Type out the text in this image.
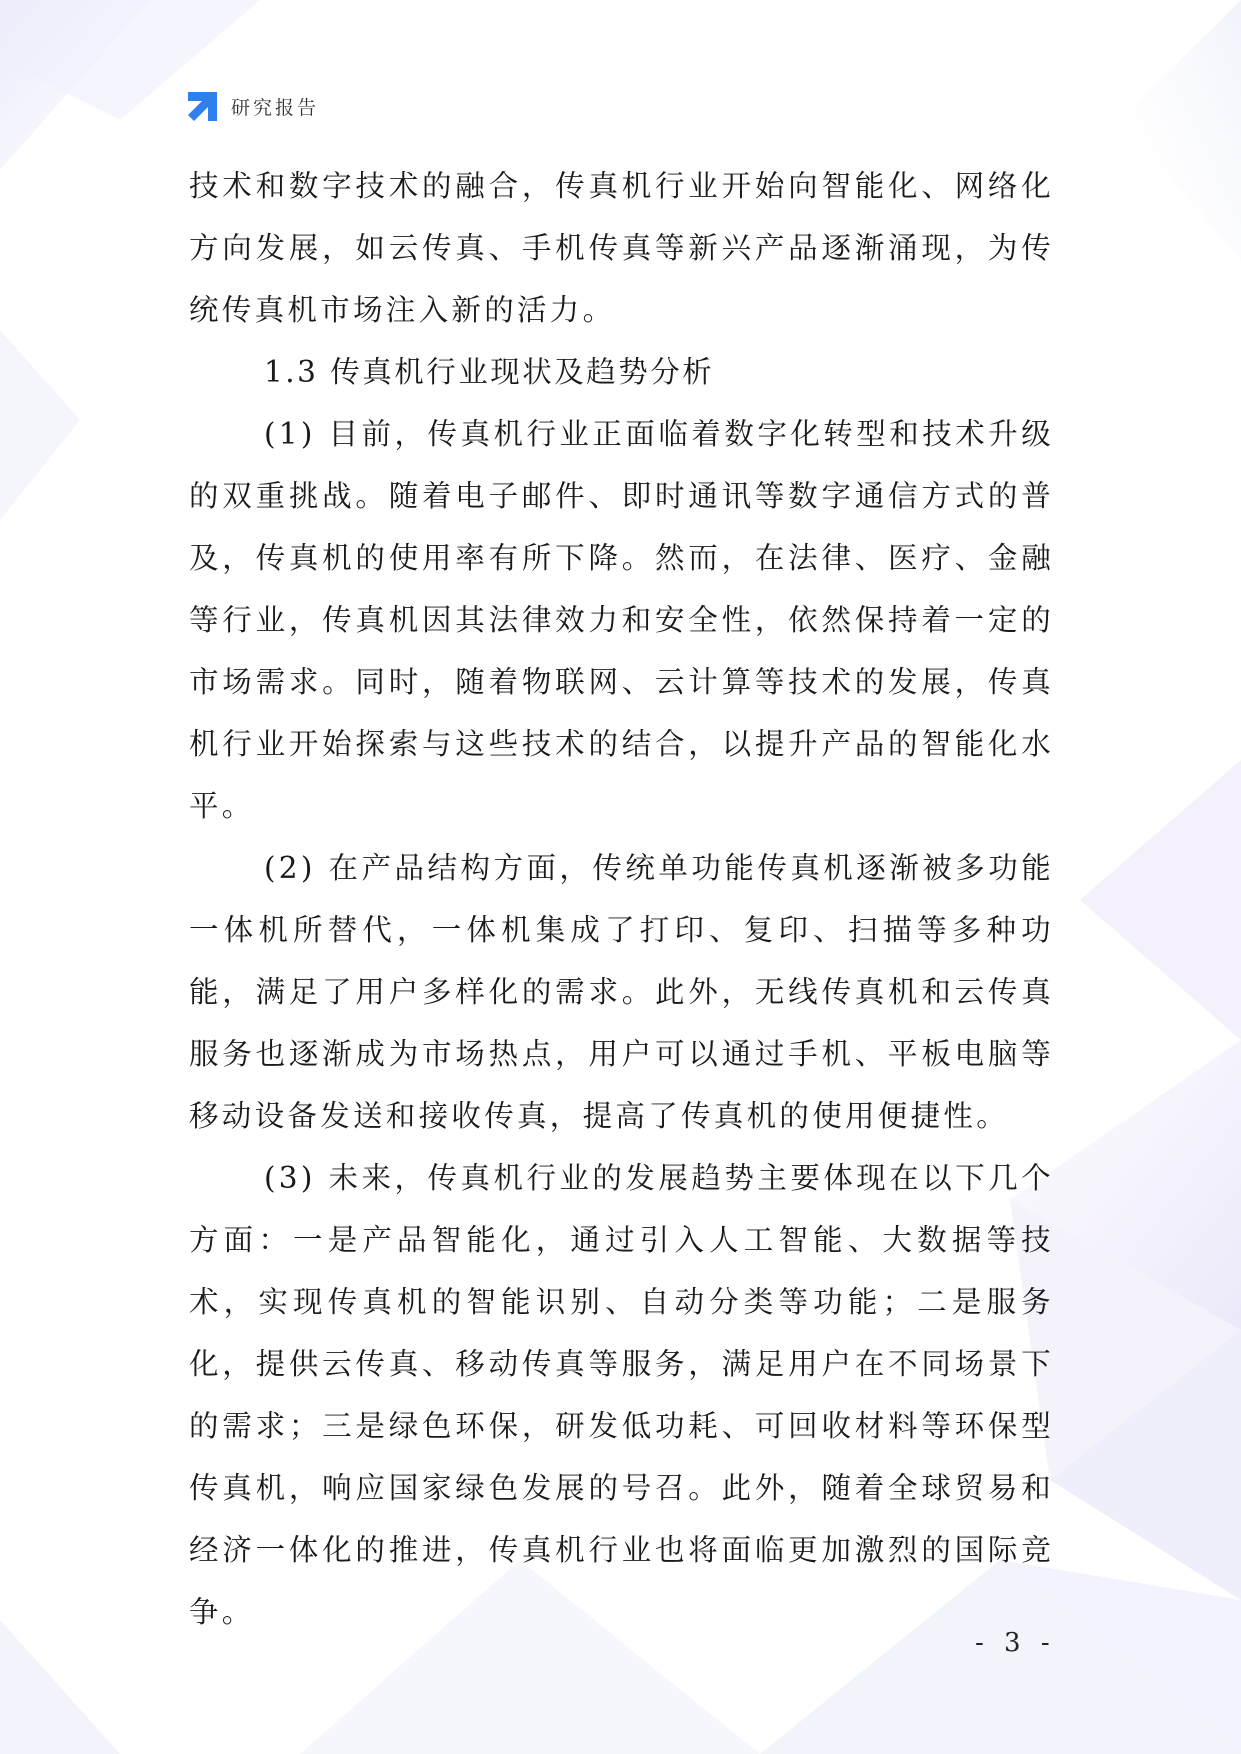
研究报告

技术和数字技术的融合，传真机行业开始向智能化、网络化方向发展，如云传真、手机传真等新兴产品逐渐涌现，为传统传真机市场注入新的活力。

1.3 传真机行业现状及趋势分析

(1) 目前，传真机行业正面临着数字化转型和技术升级的双重挑战。随着电子邮件、即时通讯等数字通信方式的普及，传真机的使用率有所下降。然而，在法律、医疗、金融等行业，传真机因其法律效力和安全性，依然保持着一定的市场需求。同时，随着物联网、云计算等技术的发展，传真机行业开始探索与这些技术的结合，以提升产品的智能化水平。

(2) 在产品结构方面，传统单功能传真机逐渐被多功能一体机所替代，一体机集成了打印、复印、扫描等多种功能，满足了用户多样化的需求。此外，无线传真机和云传真服务也逐渐成为市场热点，用户可以通过手机、平板电脑等移动设备发送和接收传真，提高了传真机的使用便捷性。

(3) 未来，传真机行业的发展趋势主要体现在以下几个方面：一是产品智能化，通过引入人工智能、大数据等技术，实现传真机的智能识别、自动分类等功能；二是服务化，提供云传真、移动传真等服务，满足用户在不同场景下的需求；三是绿色环保，研发低功耗、可回收材料等环保型传真机，响应国家绿色发展的号召。此外，随着全球贸易和经济一体化的推进，传真机行业也将面临更加激烈的国际竞争。

- 3 -
